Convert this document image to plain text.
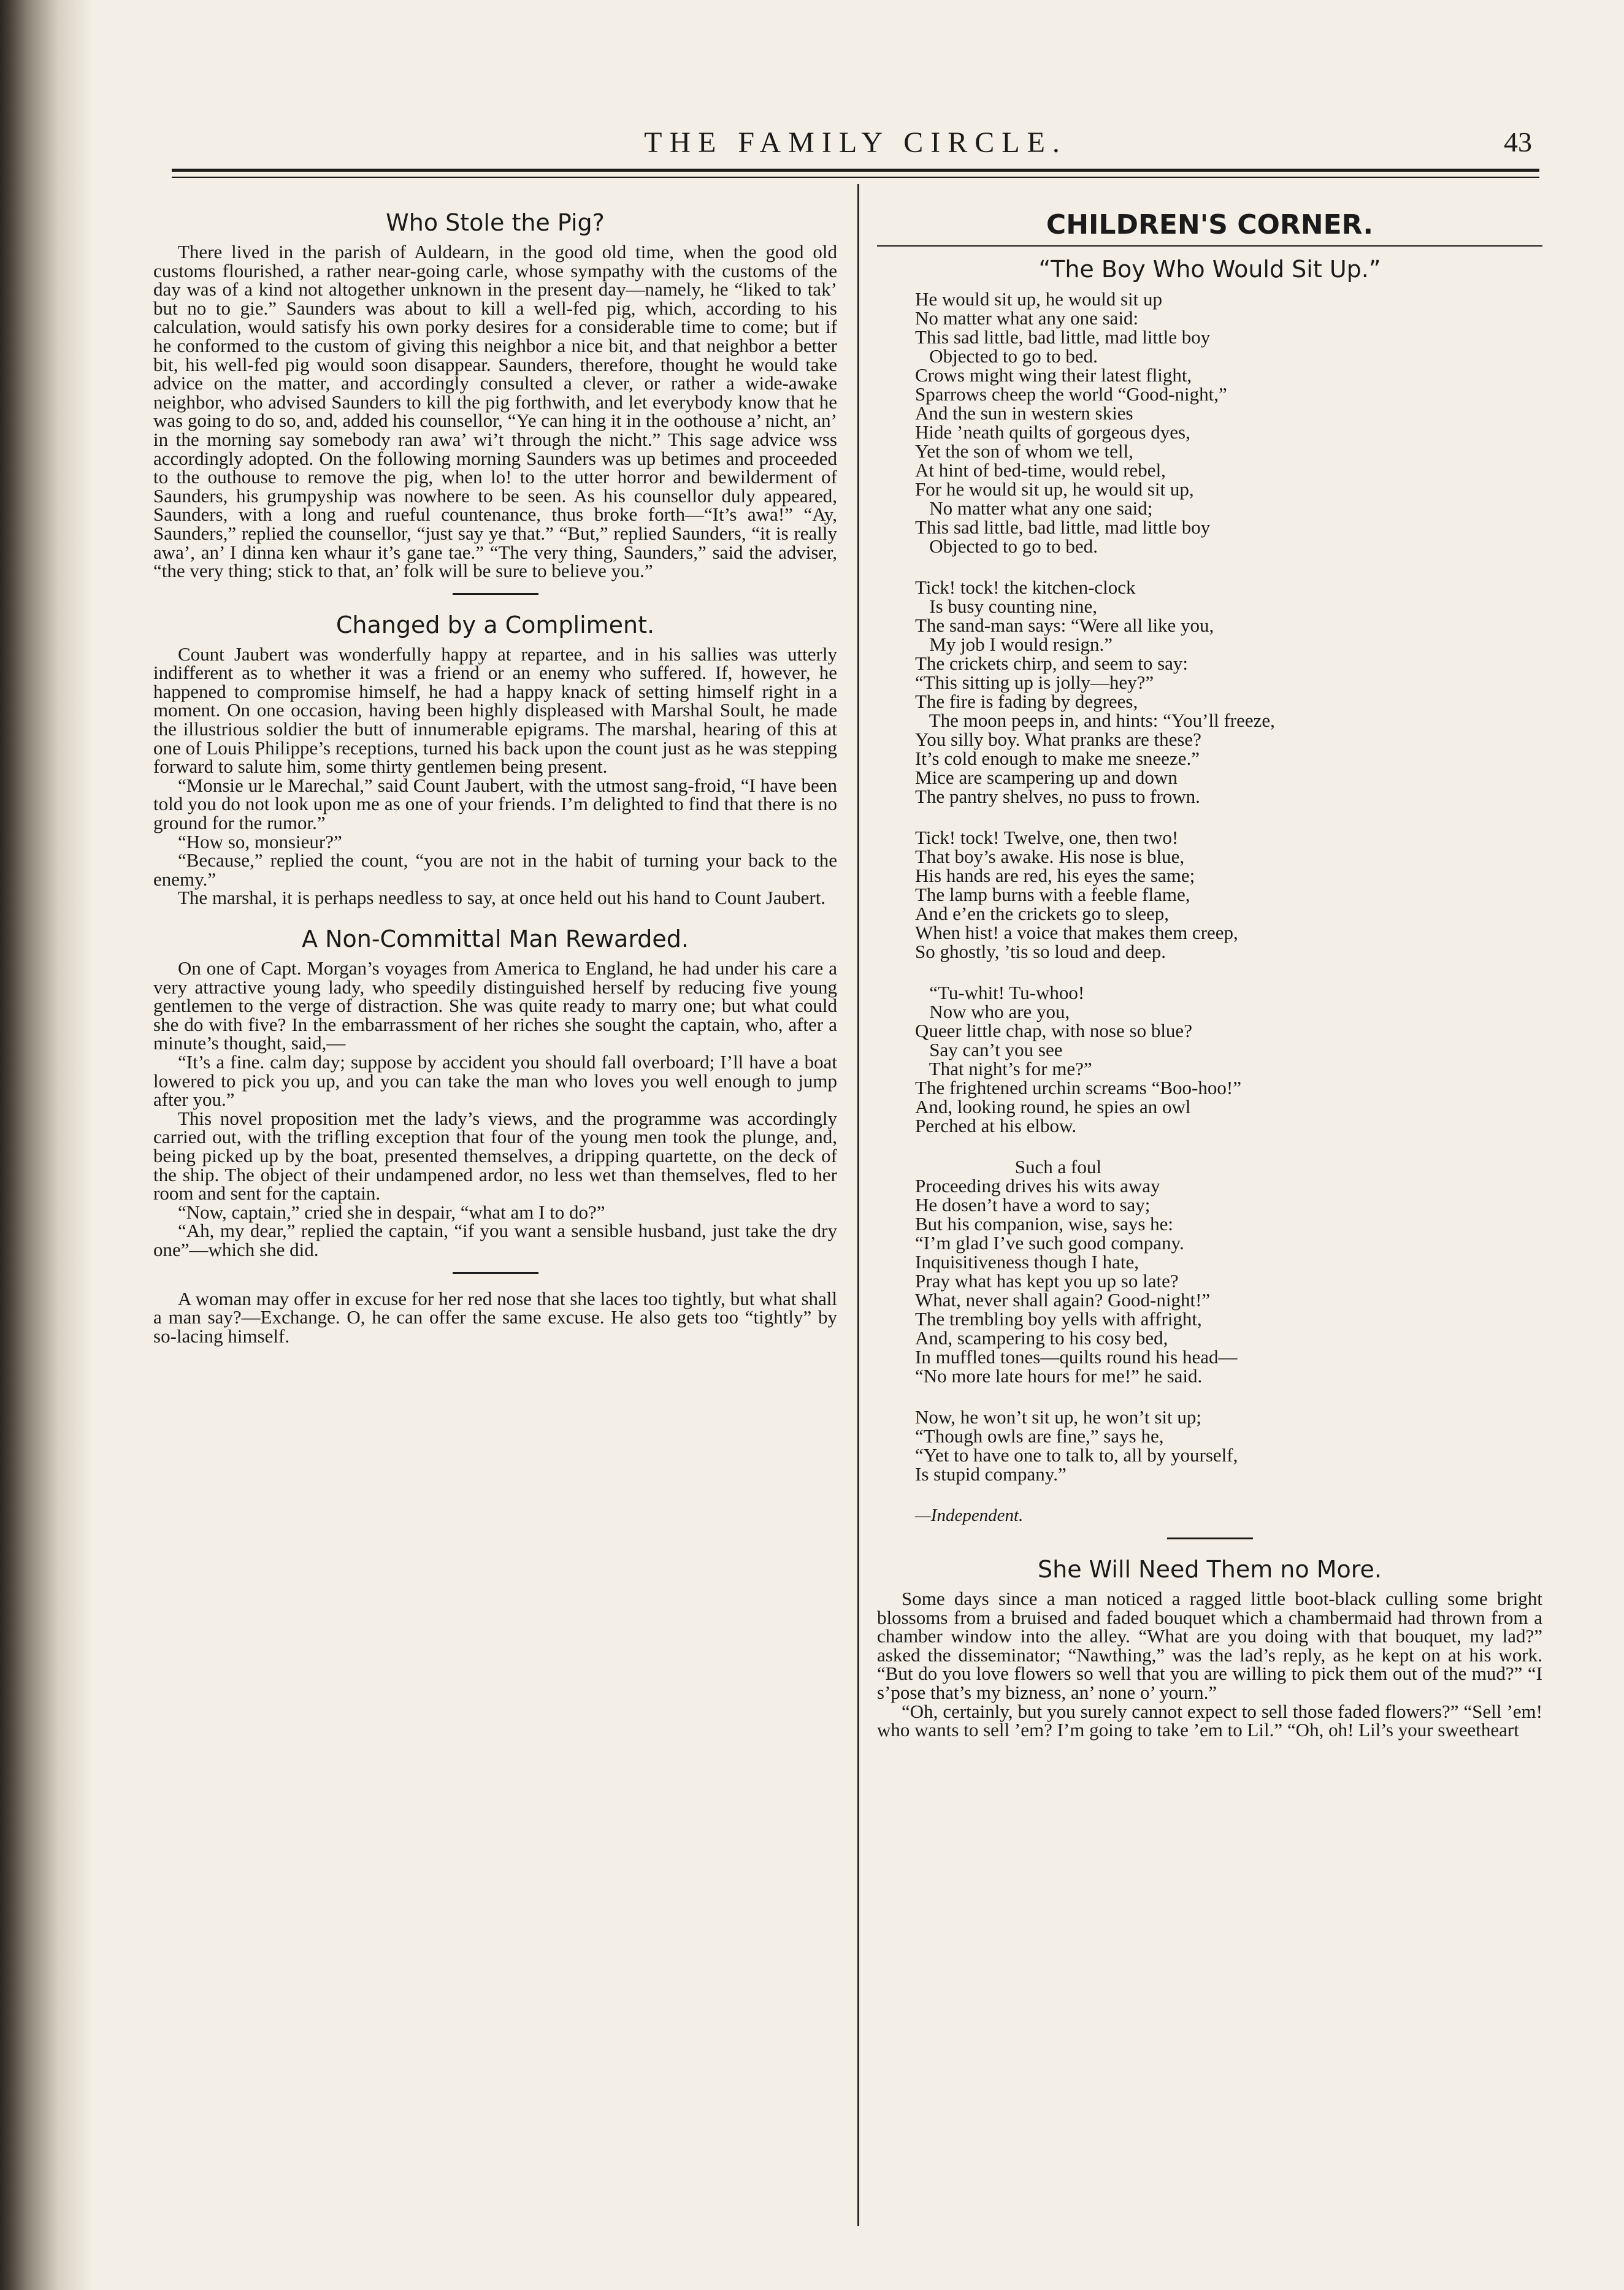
THE FAMILY CIRCLE.	43
Who Stole the Pig?

There lived in the parish of Auldearn, in the good old time, when the good old customs flourished, a rather near-going carle, whose sympathy with the customs of the day was of a kind not altogether unknown in the present day—namely, he “liked to tak’ but no to gie.” Saunders was about to kill a well-fed pig, which, according to his calculation, would satisfy his own porky desires for a considerable time to come; but if he conformed to the custom of giving this neighbor a nice bit, and that neighbor a better bit, his well-fed pig would soon disappear. Saunders, therefore, thought he would take advice on the matter, and accordingly consulted a clever, or rather a wide-awake neighbor, who advised Saunders to kill the pig forthwith, and let everybody know that he was going to do so, and, added his counsellor, “Ye can hing it in the oothouse a’ nicht, an’ in the morning say somebody ran awa’ wi’t through the nicht.” This sage advice wss accordingly adopted. On the following morning Saunders was up betimes and proceeded to the outhouse to remove the pig, when lo! to the utter horror and bewilderment of Saunders, his grumpyship was nowhere to be seen. As his counsellor duly appeared, Saunders, with a long and rueful countenance, thus broke forth—“It’s awa!” “Ay, Saunders,” replied the counsellor, “just say ye that.” “But,” replied Saunders, “it is really awa’, an’ I dinna ken whaur it’s gane tae.” “The very thing, Saunders,” said the adviser, “the very thing; stick to that, an’ folk will be sure to believe you.”

Changed by a Compliment.

Count Jaubert was wonderfully happy at repartee, and in his sallies was utterly indifferent as to whether it was a friend or an enemy who suffered. If, however, he happened to compromise himself, he had a happy knack of setting himself right in a moment. On one occasion, having been highly displeased with Marshal Soult, he made the illustrious soldier the butt of innumerable epigrams. The marshal, hearing of this at one of Louis Philippe’s receptions, turned his back upon the count just as he was stepping forward to salute him, some thirty gentlemen being present.

“Monsie ur le Marechal,” said Count Jaubert, with the utmost sang-froid, “I have been told you do not look upon me as one of your friends. I’m delighted to find that there is no ground for the rumor.”

“How so, monsieur?”

“Because,” replied the count, “you are not in the habit of turning your back to the enemy.”

The marshal, it is perhaps needless to say, at once held out his hand to Count Jaubert.

A Non-Committal Man Rewarded.

On one of Capt. Morgan’s voyages from America to England, he had under his care a very attractive young lady, who speedily distinguished herself by reducing five young gentlemen to the verge of distraction. She was quite ready to marry one; but what could she do with five? In the embarrassment of her riches she sought the captain, who, after a minute’s thought, said,—

“It’s a fine. calm day; suppose by accident you should fall overboard; I’ll have a boat lowered to pick you up, and you can take the man who loves you well enough to jump after you.”

This novel proposition met the lady’s views, and the programme was accordingly carried out, with the trifling exception that four of the young men took the plunge, and, being picked up by the boat, presented themselves, a dripping quartette, on the deck of the ship. The object of their undampened ardor, no less wet than themselves, fled to her room and sent for the captain.

“Now, captain,” cried she in despair, “what am I to do?”

“Ah, my dear,” replied the captain, “if you want a sensible husband, just take the dry one”—which she did.

A woman may offer in excuse for her red nose that she laces too tightly, but what shall a man say?—Exchange. O, he can offer the same excuse. He also gets too “tightly” by so-lacing himself.

CHILDREN'S CORNER.
“The Boy Who Would Sit Up.”
He would sit up, he would sit up
No matter what any one said:
This sad little, bad little, mad little boy
Objected to go to bed.
Crows might wing their latest flight,
Sparrows cheep the world “Good-night,”
And the sun in western skies
Hide ’neath quilts of gorgeous dyes,
Yet the son of whom we tell,
At hint of bed-time, would rebel,
For he would sit up, he would sit up,
No matter what any one said;
This sad little, bad little, mad little boy
Objected to go to bed.
Tick! tock! the kitchen-clock
Is busy counting nine,
The sand-man says: “Were all like you,
My job I would resign.”
The crickets chirp, and seem to say:
“This sitting up is jolly—hey?”
The fire is fading by degrees,
The moon peeps in, and hints: “You’ll freeze,
You silly boy. What pranks are these?
It’s cold enough to make me sneeze.”
Mice are scampering up and down
The pantry shelves, no puss to frown.
Tick! tock! Twelve, one, then two!
That boy’s awake. His nose is blue,
His hands are red, his eyes the same;
The lamp burns with a feeble flame,
And e’en the crickets go to sleep,
When hist! a voice that makes them creep,
So ghostly, ’tis so loud and deep.
“Tu-whit! Tu-whoo!
Now who are you,
Queer little chap, with nose so blue?
Say can’t you see
That night’s for me?”
The frightened urchin screams “Boo-hoo!”
And, looking round, he spies an owl
Perched at his elbow.
Such a foul
Proceeding drives his wits away
He dosen’t have a word to say;
But his companion, wise, says he:
“I’m glad I’ve such good company.
Inquisitiveness though I hate,
Pray what has kept you up so late?
What, never shall again? Good-night!”
The trembling boy yells with affright,
And, scampering to his cosy bed,
In muffled tones—quilts round his head—
“No more late hours for me!” he said.
Now, he won’t sit up, he won’t sit up;
“Though owls are fine,” says he,
“Yet to have one to talk to, all by yourself,
Is stupid company.”
—Independent.
She Will Need Them no More.

Some days since a man noticed a ragged little boot-black culling some bright blossoms from a bruised and faded bouquet which a chambermaid had thrown from a chamber window into the alley. “What are you doing with that bouquet, my lad?” asked the disseminator; “Nawthing,” was the lad’s reply, as he kept on at his work. “But do you love flowers so well that you are willing to pick them out of the mud?” “I s’pose that’s my bizness, an’ none o’ yourn.”

“Oh, certainly, but you surely cannot expect to sell those faded flowers?” “Sell ’em! who wants to sell ’em? I’m going to take ’em to Lil.” “Oh, oh! Lil’s your sweetheart
